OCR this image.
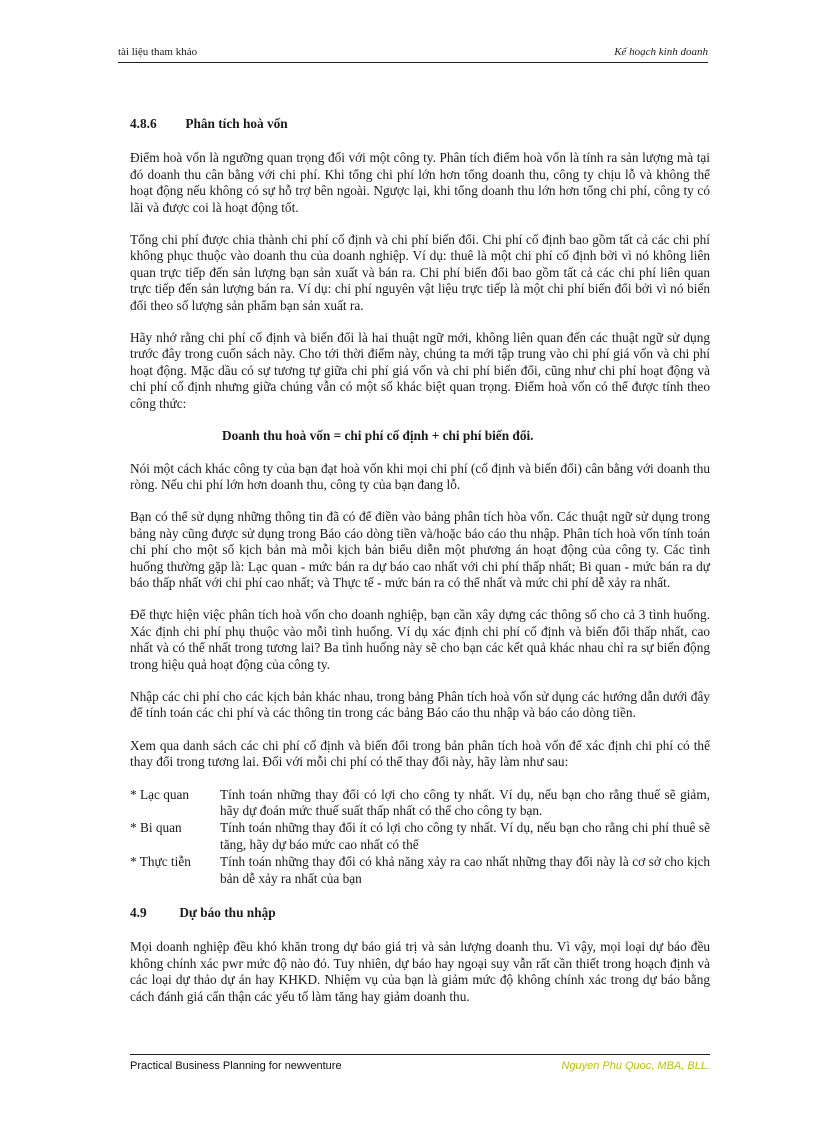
tài liệu tham khảo	Kế hoạch kinh doanh
4.8.6 Phân tích hoà vốn

Điểm hoà vốn là ngưỡng quan trọng đối với một công ty. Phân tích điểm hoà vốn là tính ra sản lượng mà tại đó doanh thu cân bằng với chi phí. Khi tổng chi phí lớn hơn tổng doanh thu, công ty chịu lỗ và không thể hoạt động nếu không có sự hỗ trợ bên ngoài. Ngược lại, khi tổng doanh thu lớn hơn tổng chi phí, công ty có lãi và được coi là hoạt động tốt.

Tổng chi phí được chia thành chi phí cố định và chi phí biến đổi. Chi phí cố định bao gồm tất cả các chi phí không phục thuộc vào doanh thu của doanh nghiệp. Ví dụ: thuê là một chi phí cố định bởi vì nó không liên quan trực tiếp đến sản lượng bạn sản xuất và bán ra. Chi phí biến đổi bao gồm tất cả các chi phí liên quan trực tiếp đến sản lượng bán ra. Ví dụ: chi phí nguyên vật liệu trực tiếp là một chi phí biến đổi bởi vì nó biến đổi theo số lượng sản phẩm bạn sản xuất ra.

Hãy nhớ rằng chi phí cố định và biến đổi là hai thuật ngữ mới, không liên quan đến các thuật ngữ sử dụng trước đây trong cuốn sách này. Cho tới thời điểm này, chúng ta mới tập trung vào chi phí giá vốn và chi phí hoạt động. Mặc dầu có sự tương tự giữa chi phí giá vốn và chi phí biến đổi, cũng như chi phí hoạt động và chi phí cố định nhưng giữa chúng vẫn có một số khác biệt quan trọng. Điểm hoà vốn có thể được tính theo công thức:

Doanh thu hoà vốn = chi phí cố định + chi phí biến đổi.

Nói một cách khác công ty của bạn đạt hoà vốn khi mọi chi phí (cố định và biến đổi) cân bằng với doanh thu ròng. Nếu chi phí lớn hơn doanh thu, công ty của bạn đang lỗ.

Bạn có thể sử dụng những thông tin đã có để điền vào bảng phân tích hòa vốn. Các thuật ngữ sử dụng trong bảng này cũng được sử dụng trong Báo cáo dòng tiền và/hoặc báo cáo thu nhập. Phân tích hoà vốn tính toán chi phí cho một số kịch bản mà mỗi kịch bản biểu diễn một phương án hoạt động của công ty. Các tình huống thường gặp là: Lạc quan - mức bán ra dự báo cao nhất với chi phí thấp nhất; Bi quan - mức bán ra dự báo thấp nhất với chi phí cao nhất; và Thực tế - mức bán ra có thể nhất và mức chi phí dễ xảy ra nhất.

Để thực hiện việc phân tích hoà vốn cho doanh nghiệp, bạn cần xây dựng các thông số cho cả 3 tình huống. Xác định chi phí phụ thuộc vào mỗi tình huống. Ví dụ xác định chi phí cố định và biến đổi thấp nhất, cao nhất và có thể nhất trong tương lai? Ba tình huống này sẽ cho bạn các kết quả khác nhau chỉ ra sự biến động trong hiệu quả hoạt động của công ty.

Nhập các chi phí cho các kịch bản khác nhau, trong bảng Phân tích hoà vốn sử dụng các hướng dẫn dưới đây để tính toán các chi phí và các thông tin trong các bảng Báo cáo thu nhập và báo cáo dòng tiền.

Xem qua danh sách các chi phí cố định và biến đổi trong bản phân tích hoà vốn để xác định chi phí có thể thay đổi trong tương lai. Đối với mỗi chi phí có thể thay đổi này, hãy làm như sau:

* Lạc quan	Tính toán những thay đổi có lợi cho công ty nhất. Ví dụ, nếu bạn cho rằng thuế sẽ giảm, hãy dự đoán mức thuế suất thấp nhất có thể cho công ty bạn.
* Bi quan	Tính toán những thay đổi ít có lợi cho công ty nhất. Ví dụ, nếu bạn cho rằng chi phí thuê sẽ tăng, hãy dự báo mức cao nhất có thể
* Thực tiễn	Tính toán những thay đổi có khả năng xảy ra cao nhất những thay đổi này là cơ sở cho kịch bản dễ xảy ra nhất của bạn
4.9 Dự báo thu nhập

Mọi doanh nghiệp đều khó khăn trong dự báo giá trị và sản lượng doanh thu. Vì vậy, mọi loại dự báo đều không chính xác pwr mức độ nào đó. Tuy nhiên, dự báo hay ngoại suy vẫn rất cần thiết trong hoạch định và các loại dự thảo dự án hay KHKD. Nhiệm vụ của bạn là giảm mức độ không chính xác trong dự báo bằng cách đánh giá cẩn thận các yếu tố làm tăng hay giảm doanh thu.

Practical Business Planning for newventure	Nguyen Phu Quoc, MBA, BLL.
